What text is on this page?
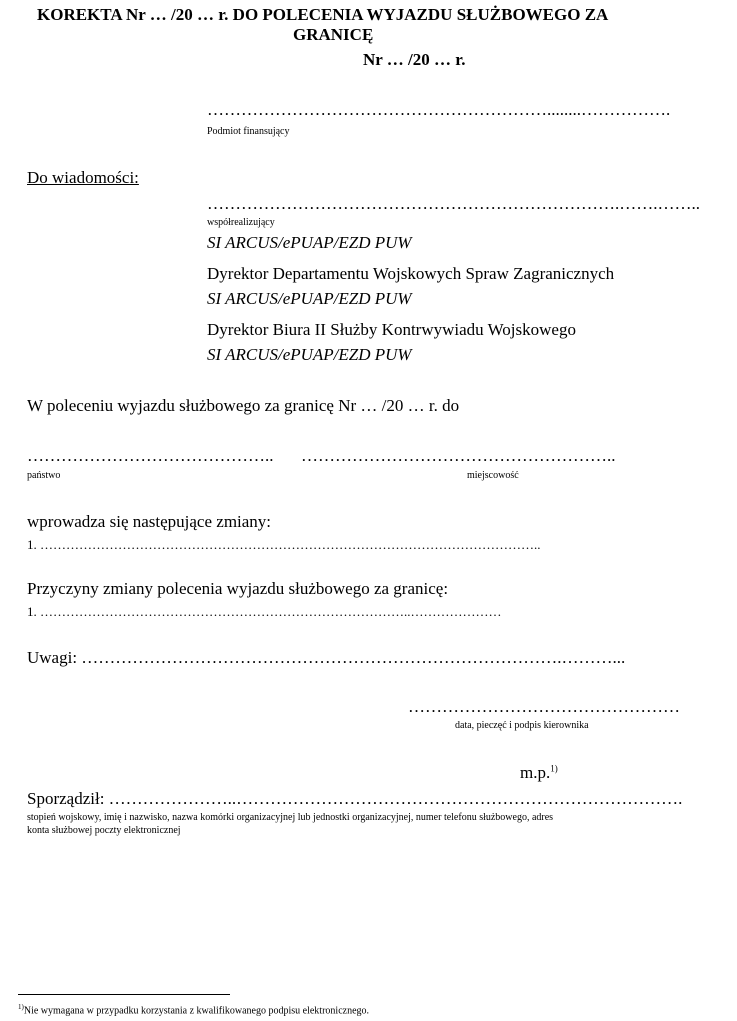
KOREKTA Nr … /20 … r. DO POLECENIA WYJAZDU SŁUŻBOWEGO ZA
GRANICĘ
Nr … /20 … r.
……………………………………………………........…………….
Podmiot finansujący
Do wiadomości:
……………………………………………………………….…….……..
współrealizujący
SI ARCUS/ePUAP/EZD PUW
Dyrektor Departamentu Wojskowych Spraw Zagranicznych
SI ARCUS/ePUAP/EZD PUW
Dyrektor Biura II Służby Kontrwywiadu Wojskowego
SI ARCUS/ePUAP/EZD PUW
W poleceniu wyjazdu służbowego za granicę Nr … /20 … r. do
…………………………………….. ………………………………………………..
państwo	miejscowość
wprowadza się następujące zmiany:
1. ……………………………………………………………………………………………………..
Przyczyny zmiany polecenia wyjazdu służbowego za granicę:
1. …………………………………………………………………………..…………………
Uwagi: ………………………………………………………………………….………...
…………………………………………
data, pieczęć i podpis kierownika
m.p.$^{1)}$
Sporządził: …………………..…………………………………………………………………….
stopień wojskowy, imię i nazwisko, nazwa komórki organizacyjnej lub jednostki organizacyjnej, numer telefonu służbowego, adres
konta służbowej poczty elektronicznej
$^{1)}$Nie wymagana w przypadku korzystania z kwalifikowanego podpisu elektronicznego.
